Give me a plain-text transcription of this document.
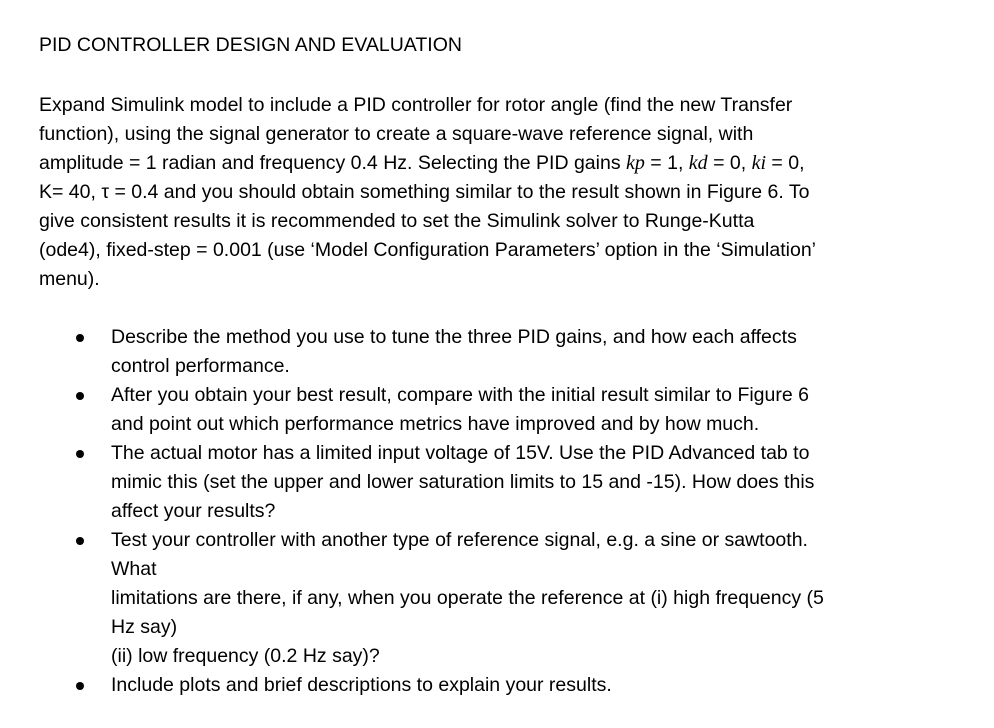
PID CONTROLLER DESIGN AND EVALUATION
Expand Simulink model to include a PID controller for rotor angle (find the new Transfer
function), using the signal generator to create a square-wave reference signal, with
amplitude = 1 radian and frequency 0.4 Hz. Selecting the PID gains kp = 1, kd = 0, ki = 0,
K= 40, τ = 0.4 and you should obtain something similar to the result shown in Figure 6. To
give consistent results it is recommended to set the Simulink solver to Runge-Kutta
(ode4), fixed-step = 0.001 (use ‘Model Configuration Parameters’ option in the ‘Simulation’
menu).
Describe the method you use to tune the three PID gains, and how each affects
control performance.
After you obtain your best result, compare with the initial result similar to Figure 6
and point out which performance metrics have improved and by how much.
The actual motor has a limited input voltage of 15V. Use the PID Advanced tab to
mimic this (set the upper and lower saturation limits to 15 and -15). How does this
affect your results?
Test your controller with another type of reference signal, e.g. a sine or sawtooth.
What
limitations are there, if any, when you operate the reference at (i) high frequency (5
Hz say)
(ii) low frequency (0.2 Hz say)?
Include plots and brief descriptions to explain your results.
